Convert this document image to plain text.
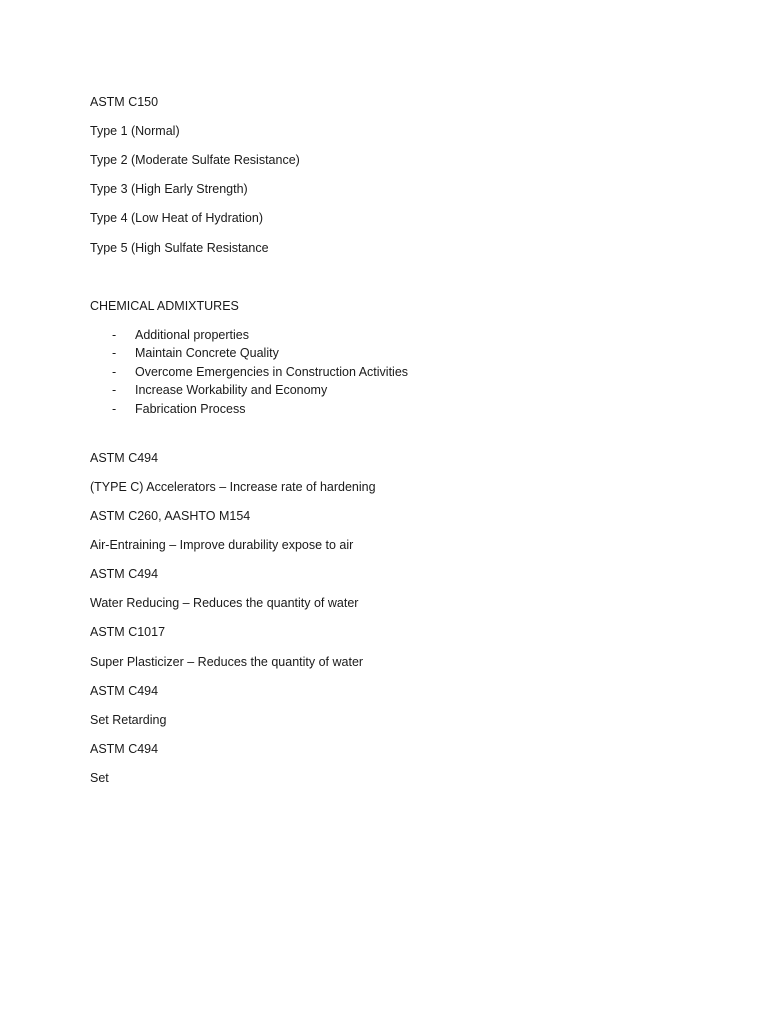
ASTM C150
Type 1 (Normal)
Type 2 (Moderate Sulfate Resistance)
Type 3 (High Early Strength)
Type 4 (Low Heat of Hydration)
Type 5 (High Sulfate Resistance
CHEMICAL ADMIXTURES
- Additional properties
- Maintain Concrete Quality
- Overcome Emergencies in Construction Activities
- Increase Workability and Economy
- Fabrication Process
ASTM C494
(TYPE C) Accelerators – Increase rate of hardening
ASTM C260, AASHTO M154
Air-Entraining – Improve durability expose to air
ASTM C494
Water Reducing – Reduces the quantity of water
ASTM C1017
Super Plasticizer – Reduces the quantity of water
ASTM C494
Set Retarding
ASTM C494
Set
